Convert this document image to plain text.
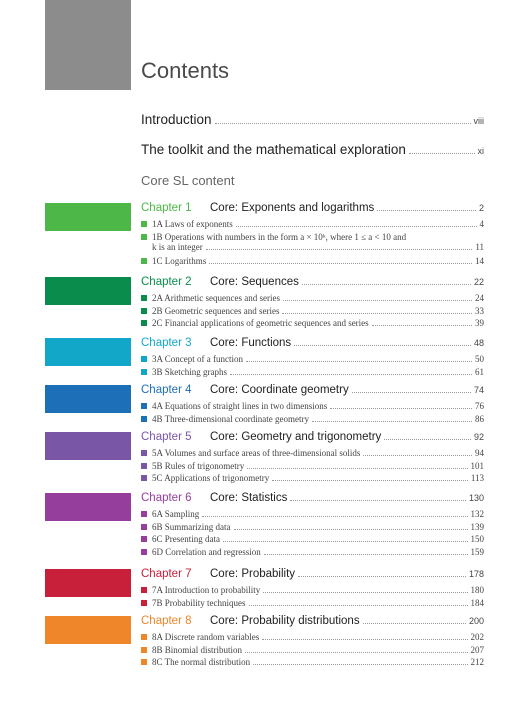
Contents
Introduction	viii
The toolkit and the mathematical exploration	xi
Core SL content
Chapter 1 Core: Exponents and logarithms	2
1A Laws of exponents	4
1B Operations with numbers in the form a × 10ᵏ, where 1 ≤ a < 10 and
k is an integer	11
1C Logarithms	14
Chapter 2 Core: Sequences	22
2A Arithmetic sequences and series	24
2B Geometric sequences and series	33
2C Financial applications of geometric sequences and series	39
Chapter 3 Core: Functions	48
3A Concept of a function	50
3B Sketching graphs	61
Chapter 4 Core: Coordinate geometry	74
4A Equations of straight lines in two dimensions	76
4B Three-dimensional coordinate geometry	86
Chapter 5 Core: Geometry and trigonometry	92
5A Volumes and surface areas of three-dimensional solids	94
5B Rules of trigonometry	101
5C Applications of trigonometry	113
Chapter 6 Core: Statistics	130
6A Sampling	132
6B Summarizing data	139
6C Presenting data	150
6D Correlation and regression	159
Chapter 7 Core: Probability	178
7A Introduction to probability	180
7B Probability techniques	184
Chapter 8 Core: Probability distributions	200
8A Discrete random variables	202
8B Binomial distribution	207
8C The normal distribution	212
